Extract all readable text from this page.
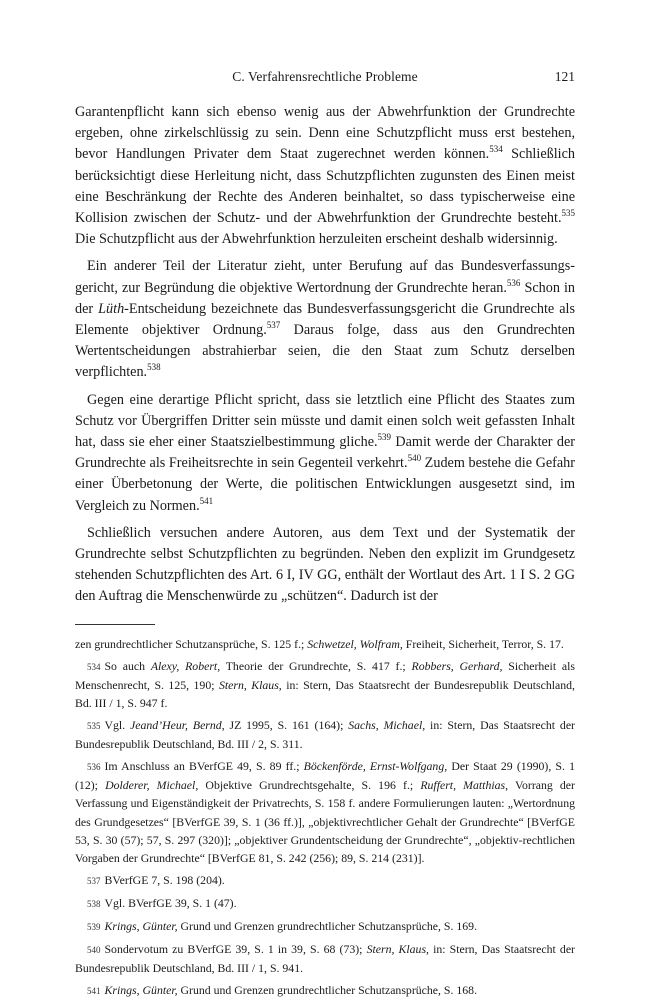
C. Verfahrensrechtliche Probleme	121

Garantenpflicht kann sich ebenso wenig aus der Abwehrfunktion der Grundrechte ergeben, ohne zirkelschlüssig zu sein. Denn eine Schutzpflicht muss erst bestehen, bevor Handlungen Privater dem Staat zugerechnet werden können.$^{534}$ Schließlich berücksichtigt diese Herleitung nicht, dass Schutzpflichten zugunsten des Einen meist eine Beschränkung der Rechte des Anderen beinhaltet, so dass typischerweise eine Kollision zwischen der Schutz- und der Abwehrfunktion der Grundrechte besteht.$^{535}$ Die Schutzpflicht aus der Abwehrfunktion herzuleiten erscheint deshalb widersinnig.

Ein anderer Teil der Literatur zieht, unter Berufung auf das Bundesverfassungsgericht, zur Begründung die objektive Wertordnung der Grundrechte heran.$^{536}$ Schon in der Lüth-Entscheidung bezeichnete das Bundesverfassungsgericht die Grundrechte als Elemente objektiver Ordnung.$^{537}$ Daraus folge, dass aus den Grundrechten Wertentscheidungen abstrahierbar seien, die den Staat zum Schutz derselben verpflichten.$^{538}$

Gegen eine derartige Pflicht spricht, dass sie letztlich eine Pflicht des Staates zum Schutz vor Übergriffen Dritter sein müsste und damit einen solch weit gefassten Inhalt hat, dass sie eher einer Staatszielbestimmung gliche.$^{539}$ Damit werde der Charakter der Grundrechte als Freiheitsrechte in sein Gegenteil verkehrt.$^{540}$ Zudem bestehe die Gefahr einer Überbetonung der Werte, die politischen Entwicklungen ausgesetzt sind, im Vergleich zu Normen.$^{541}$

Schließlich versuchen andere Autoren, aus dem Text und der Systematik der Grundrechte selbst Schutzpflichten zu begründen. Neben den explizit im Grundgesetz stehenden Schutzpflichten des Art. 6 I, IV GG, enthält der Wortlaut des Art. 1 I S. 2 GG den Auftrag die Menschenwürde zu „schützen“. Dadurch ist der

zen grundrechtlicher Schutzansprüche, S. 125 f.; Schwetzel, Wolfram, Freiheit, Sicherheit, Terror, S. 17.

534 So auch Alexy, Robert, Theorie der Grundrechte, S. 417 f.; Robbers, Gerhard, Sicherheit als Menschenrecht, S. 125, 190; Stern, Klaus, in: Stern, Das Staatsrecht der Bundesrepublik Deutschland, Bd. III / 1, S. 947 f.

535 Vgl. Jeand’Heur, Bernd, JZ 1995, S. 161 (164); Sachs, Michael, in: Stern, Das Staatsrecht der Bundesrepublik Deutschland, Bd. III / 2, S. 311.

536 Im Anschluss an BVerfGE 49, S. 89 ff.; Böckenförde, Ernst-Wolfgang, Der Staat 29 (1990), S. 1 (12); Dolderer, Michael, Objektive Grundrechtsgehalte, S. 196 f.; Ruffert, Matthias, Vorrang der Verfassung und Eigenständigkeit der Privatrechts, S. 158 f. andere Formulierungen lauten: „Wertordnung des Grundgesetzes“ [BVerfGE 39, S. 1 (36 ff.)], „objektivrechtlicher Gehalt der Grundrechte“ [BVerfGE 53, S. 30 (57); 57, S. 297 (320)]; „objektiver Grundentscheidung der Grundrechte“, „objektiv-rechtlichen Vorgaben der Grundrechte“ [BVerfGE 81, S. 242 (256); 89, S. 214 (231)].

537 BVerfGE 7, S. 198 (204).

538 Vgl. BVerfGE 39, S. 1 (47).

539 Krings, Günter, Grund und Grenzen grundrechtlicher Schutzansprüche, S. 169.

540 Sondervotum zu BVerfGE 39, S. 1 in 39, S. 68 (73); Stern, Klaus, in: Stern, Das Staatsrecht der Bundesrepublik Deutschland, Bd. III / 1, S. 941.

541 Krings, Günter, Grund und Grenzen grundrechtlicher Schutzansprüche, S. 168.
